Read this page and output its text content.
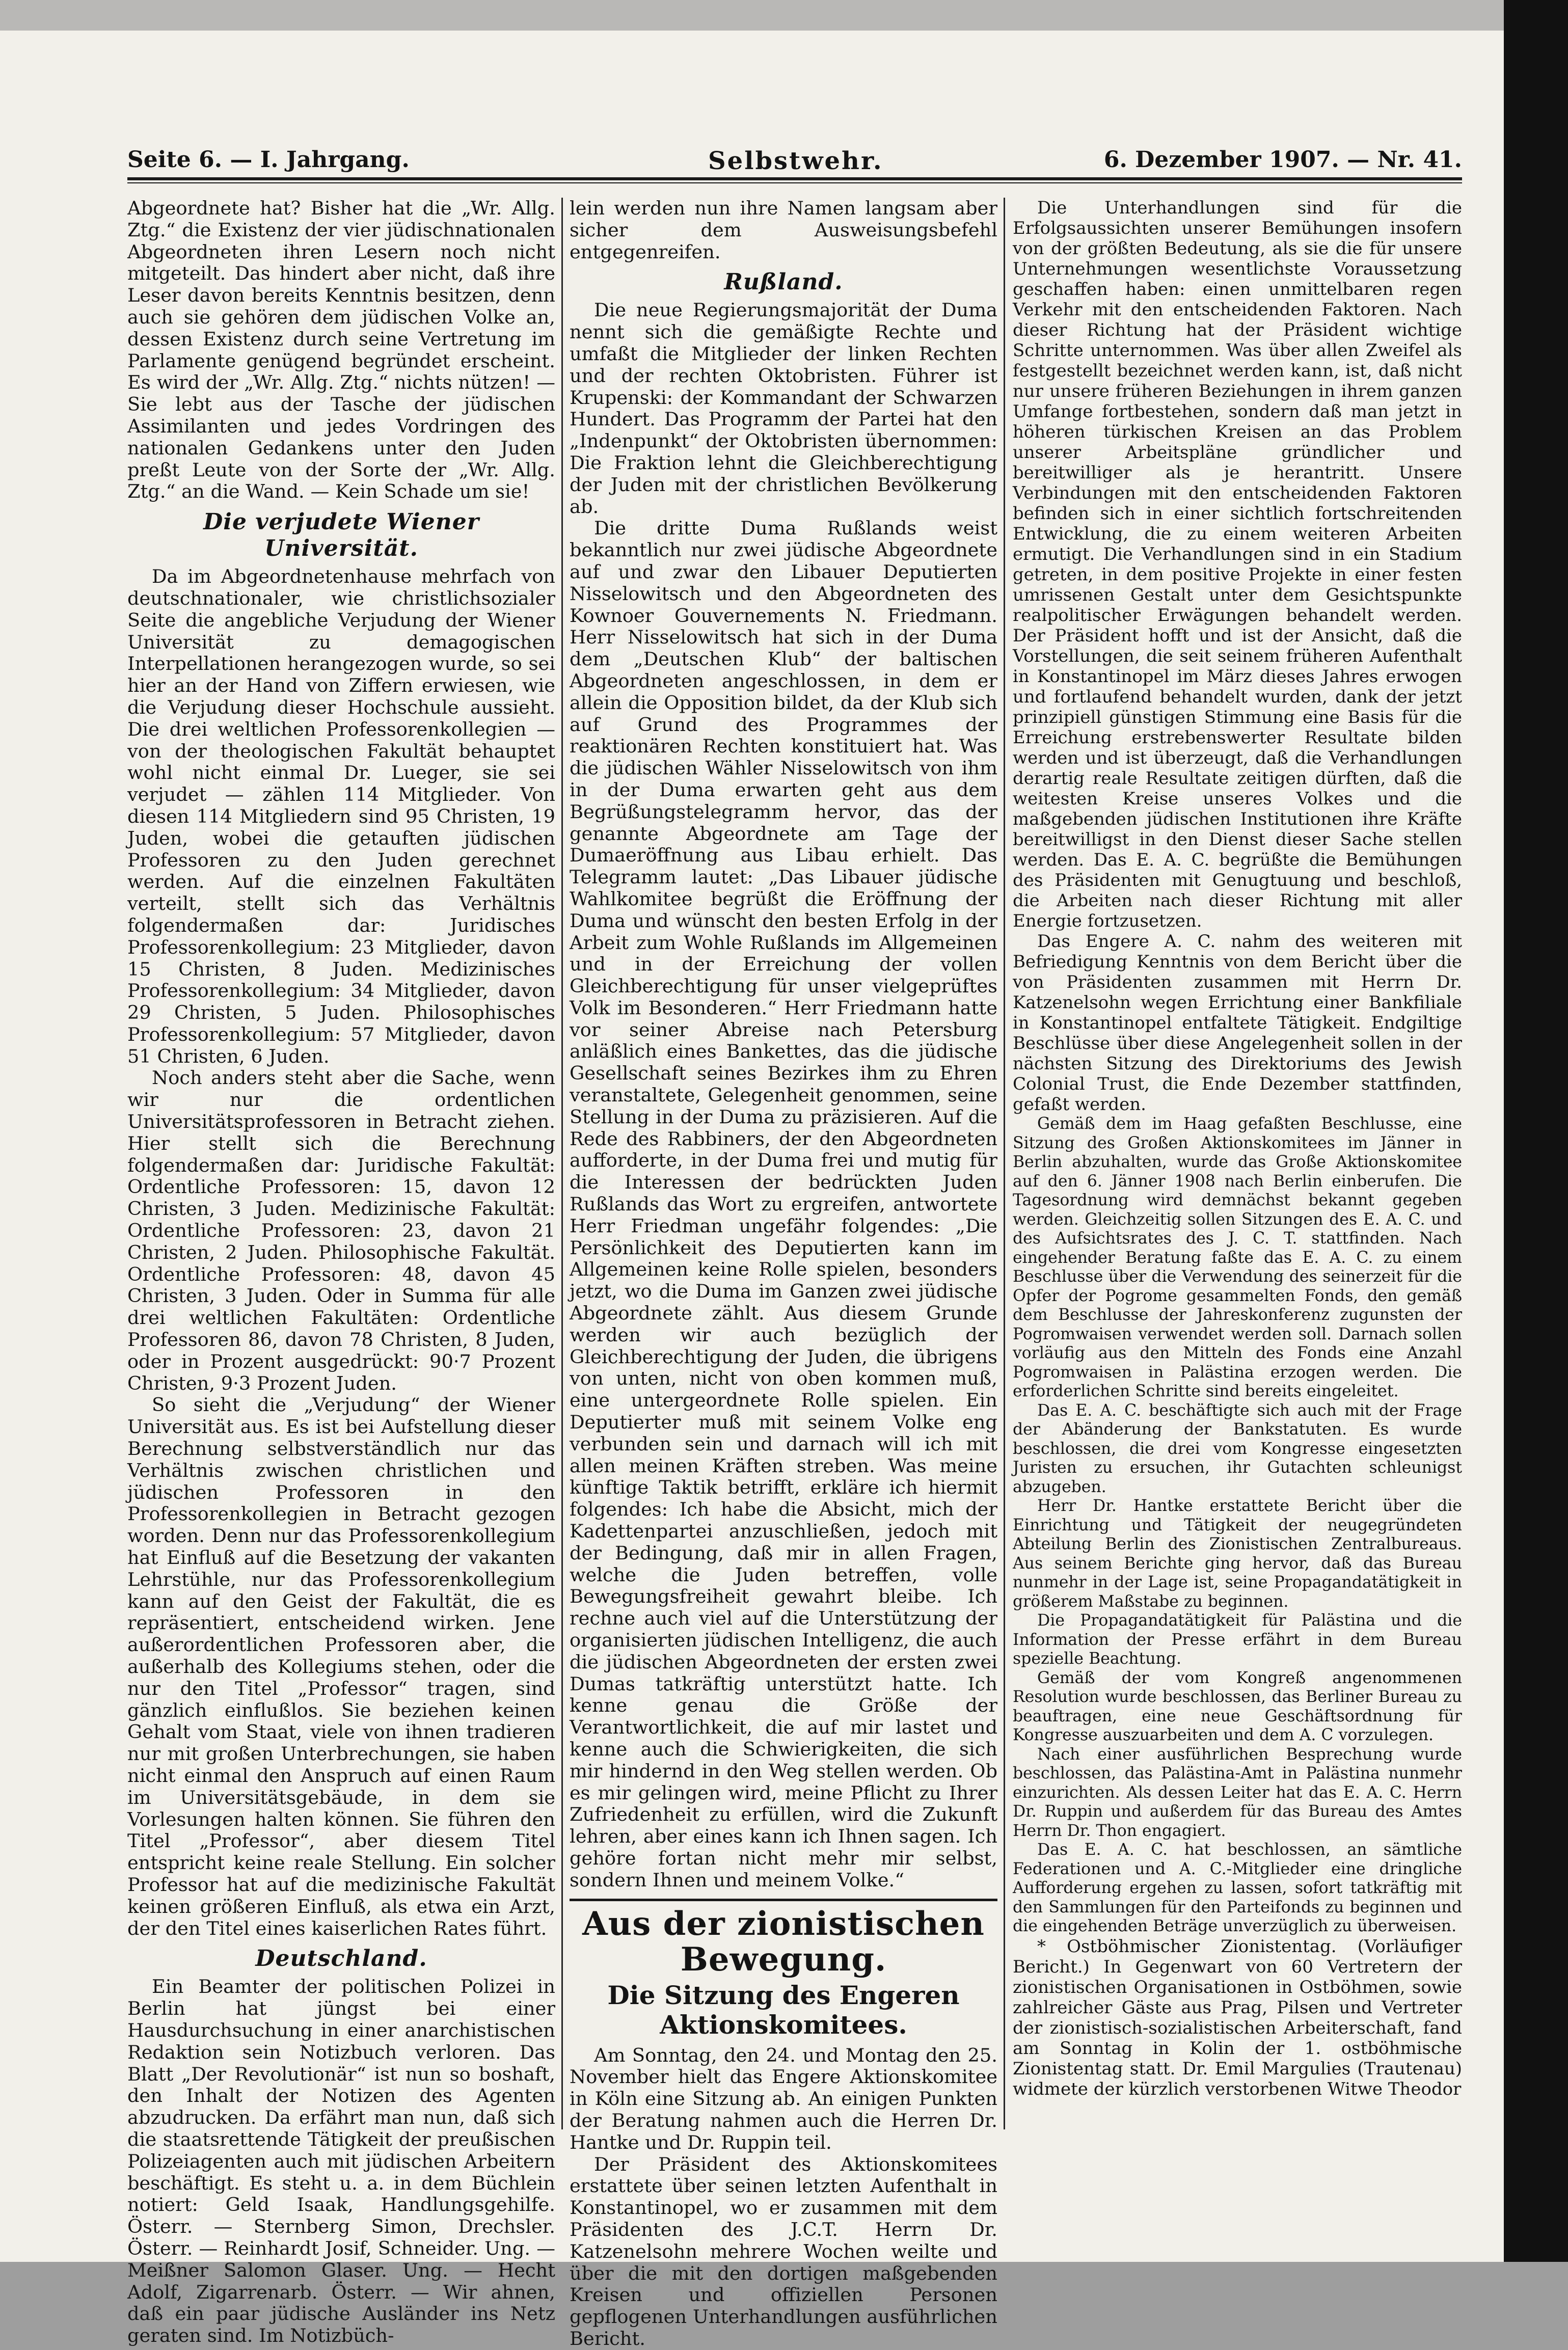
Seite 6. — I. Jahrgang.	Selbstwehr.	6. Dezember 1907. — Nr. 41.

Abgeordnete hat? Bisher hat die „Wr. Allg. Ztg.“ die Existenz der vier jüdischnationalen Abgeordneten ihren Lesern noch nicht mitgeteilt. Das hindert aber nicht, daß ihre Leser davon bereits Kenntnis besitzen, denn auch sie gehören dem jüdischen Volke an, dessen Existenz durch seine Vertretung im Parlamente genügend begründet erscheint. Es wird der „Wr. Allg. Ztg.“ nichts nützen! — Sie lebt aus der Tasche der jüdischen Assimilanten und jedes Vordringen des nationalen Gedankens unter den Juden preßt Leute von der Sorte der „Wr. Allg. Ztg.“ an die Wand. — Kein Schade um sie!

Die verjudete Wiener Universität.

Da im Abgeordnetenhause mehrfach von deutschnationaler, wie christlichsozialer Seite die angebliche Verjudung der Wiener Universität zu demagogischen Interpellationen herangezogen wurde, so sei hier an der Hand von Ziffern erwiesen, wie die Verjudung dieser Hochschule aussieht. Die drei weltlichen Professorenkollegien — von der theologischen Fakultät behauptet wohl nicht einmal Dr. Lueger, sie sei verjudet — zählen 114 Mitglieder. Von diesen 114 Mitgliedern sind 95 Christen, 19 Juden, wobei die getauften jüdischen Professoren zu den Juden gerechnet werden. Auf die einzelnen Fakultäten verteilt, stellt sich das Verhältnis folgendermaßen dar: Juridisches Professorenkollegium: 23 Mitglieder, davon 15 Christen, 8 Juden. Medizinisches Professorenkollegium: 34 Mitglieder, davon 29 Christen, 5 Juden. Philosophisches Professorenkollegium: 57 Mitglieder, davon 51 Christen, 6 Juden.

Noch anders steht aber die Sache, wenn wir nur die ordentlichen Universitätsprofessoren in Betracht ziehen. Hier stellt sich die Berechnung folgendermaßen dar: Juridische Fakultät: Ordentliche Professoren: 15, davon 12 Christen, 3 Juden. Medizinische Fakultät: Ordentliche Professoren: 23, davon 21 Christen, 2 Juden. Philosophische Fakultät. Ordentliche Professoren: 48, davon 45 Christen, 3 Juden. Oder in Summa für alle drei weltlichen Fakultäten: Ordentliche Professoren 86, davon 78 Christen, 8 Juden, oder in Prozent ausgedrückt: 90·7 Prozent Christen, 9·3 Prozent Juden.

So sieht die „Verjudung“ der Wiener Universität aus. Es ist bei Aufstellung dieser Berechnung selbstverständlich nur das Verhältnis zwischen christlichen und jüdischen Professoren in den Professorenkollegien in Betracht gezogen worden. Denn nur das Professorenkollegium hat Einfluß auf die Besetzung der vakanten Lehrstühle, nur das Professorenkollegium kann auf den Geist der Fakultät, die es repräsentiert, entscheidend wirken. Jene außerordentlichen Professoren aber, die außerhalb des Kollegiums stehen, oder die nur den Titel „Professor“ tragen, sind gänzlich einflußlos. Sie beziehen keinen Gehalt vom Staat, viele von ihnen tradieren nur mit großen Unterbrechungen, sie haben nicht einmal den Anspruch auf einen Raum im Universitätsgebäude, in dem sie Vorlesungen halten können. Sie führen den Titel „Professor“, aber diesem Titel entspricht keine reale Stellung. Ein solcher Professor hat auf die medizinische Fakultät keinen größeren Einfluß, als etwa ein Arzt, der den Titel eines kaiserlichen Rates führt.

Deutschland.

Ein Beamter der politischen Polizei in Berlin hat jüngst bei einer Hausdurchsuchung in einer anarchistischen Redaktion sein Notizbuch verloren. Das Blatt „Der Revolutionär“ ist nun so boshaft, den Inhalt der Notizen des Agenten abzudrucken. Da erfährt man nun, daß sich die staatsrettende Tätigkeit der preußischen Polizeiagenten auch mit jüdischen Arbeitern beschäftigt. Es steht u. a. in dem Büchlein notiert: Geld Isaak, Handlungsgehilfe. Österr. — Sternberg Simon, Drechsler. Österr. — Reinhardt Josif, Schneider. Ung. — Meißner Salomon Glaser. Ung. — Hecht Adolf, Zigarrenarb. Österr. — Wir ahnen, daß ein paar jüdische Ausländer ins Netz geraten sind. Im Notizbüch-

lein werden nun ihre Namen langsam aber sicher dem Ausweisungsbefehl entgegenreifen.

Rußland.

Die neue Regierungsmajorität der Duma nennt sich die gemäßigte Rechte und umfaßt die Mitglieder der linken Rechten und der rechten Oktobristen. Führer ist Krupenski: der Kommandant der Schwarzen Hundert. Das Programm der Partei hat den „Indenpunkt“ der Oktobristen übernommen: Die Fraktion lehnt die Gleichberechtigung der Juden mit der christlichen Bevölkerung ab.

Die dritte Duma Rußlands weist bekanntlich nur zwei jüdische Abgeordnete auf und zwar den Libauer Deputierten Nisselowitsch und den Abgeordneten des Kownoer Gouvernements N. Friedmann. Herr Nisselowitsch hat sich in der Duma dem „Deutschen Klub“ der baltischen Abgeordneten angeschlossen, in dem er allein die Opposition bildet, da der Klub sich auf Grund des Programmes der reaktionären Rechten konstituiert hat. Was die jüdischen Wähler Nisselowitsch von ihm in der Duma erwarten geht aus dem Begrüßungstelegramm hervor, das der genannte Abgeordnete am Tage der Dumaeröffnung aus Libau erhielt. Das Telegramm lautet: „Das Libauer jüdische Wahlkomitee begrüßt die Eröffnung der Duma und wünscht den besten Erfolg in der Arbeit zum Wohle Rußlands im Allgemeinen und in der Erreichung der vollen Gleichberechtigung für unser vielgeprüftes Volk im Besonderen.“ Herr Friedmann hatte vor seiner Abreise nach Petersburg anläßlich eines Bankettes, das die jüdische Gesellschaft seines Bezirkes ihm zu Ehren veranstaltete, Gelegenheit genommen, seine Stellung in der Duma zu präzisieren. Auf die Rede des Rabbiners, der den Abgeordneten aufforderte, in der Duma frei und mutig für die Interessen der bedrückten Juden Rußlands das Wort zu ergreifen, antwortete Herr Friedman ungefähr folgendes: „Die Persönlichkeit des Deputierten kann im Allgemeinen keine Rolle spielen, besonders jetzt, wo die Duma im Ganzen zwei jüdische Abgeordnete zählt. Aus diesem Grunde werden wir auch bezüglich der Gleichberechtigung der Juden, die übrigens von unten, nicht von oben kommen muß, eine untergeordnete Rolle spielen. Ein Deputierter muß mit seinem Volke eng verbunden sein und darnach will ich mit allen meinen Kräften streben. Was meine künftige Taktik betrifft, erkläre ich hiermit folgendes: Ich habe die Absicht, mich der Kadettenpartei anzuschließen, jedoch mit der Bedingung, daß mir in allen Fragen, welche die Juden betreffen, volle Bewegungsfreiheit gewahrt bleibe. Ich rechne auch viel auf die Unterstützung der organisierten jüdischen Intelligenz, die auch die jüdischen Abgeordneten der ersten zwei Dumas tatkräftig unterstützt hatte. Ich kenne genau die Größe der Verantwortlichkeit, die auf mir lastet und kenne auch die Schwierigkeiten, die sich mir hindernd in den Weg stellen werden. Ob es mir gelingen wird, meine Pflicht zu Ihrer Zufriedenheit zu erfüllen, wird die Zukunft lehren, aber eines kann ich Ihnen sagen. Ich gehöre fortan nicht mehr mir selbst, sondern Ihnen und meinem Volke.“

Aus der zionistischen Bewegung.
Die Sitzung des Engeren Aktionskomitees.

Am Sonntag, den 24. und Montag den 25. November hielt das Engere Aktionskomitee in Köln eine Sitzung ab. An einigen Punkten der Beratung nahmen auch die Herren Dr. Hantke und Dr. Ruppin teil.

Der Präsident des Aktionskomitees erstattete über seinen letzten Aufenthalt in Konstantinopel, wo er zusammen mit dem Präsidenten des J.C.T. Herrn Dr. Katzenelsohn mehrere Wochen weilte und über die mit den dortigen maßgebenden Kreisen und offiziellen Personen gepflogenen Unterhandlungen ausführlichen Bericht.

Die Unterhandlungen sind für die Erfolgsaussichten unserer Bemühungen insofern von der größten Bedeutung, als sie die für unsere Unternehmungen wesentlichste Voraussetzung geschaffen haben: einen unmittelbaren regen Verkehr mit den entscheidenden Faktoren. Nach dieser Richtung hat der Präsident wichtige Schritte unternommen. Was über allen Zweifel als festgestellt bezeichnet werden kann, ist, daß nicht nur unsere früheren Beziehungen in ihrem ganzen Umfange fortbestehen, sondern daß man jetzt in höheren türkischen Kreisen an das Problem unserer Arbeitspläne gründlicher und bereitwilliger als je herantritt. Unsere Verbindungen mit den entscheidenden Faktoren befinden sich in einer sichtlich fortschreitenden Entwicklung, die zu einem weiteren Arbeiten ermutigt. Die Verhandlungen sind in ein Stadium getreten, in dem positive Projekte in einer festen umrissenen Gestalt unter dem Gesichtspunkte realpolitischer Erwägungen behandelt werden. Der Präsident hofft und ist der Ansicht, daß die Vorstellungen, die seit seinem früheren Aufenthalt in Konstantinopel im März dieses Jahres erwogen und fortlaufend behandelt wurden, dank der jetzt prinzipiell günstigen Stimmung eine Basis für die Erreichung erstrebenswerter Resultate bilden werden und ist überzeugt, daß die Verhandlungen derartig reale Resultate zeitigen dürften, daß die weitesten Kreise unseres Volkes und die maßgebenden jüdischen Institutionen ihre Kräfte bereitwilligst in den Dienst dieser Sache stellen werden. Das E. A. C. begrüßte die Bemühungen des Präsidenten mit Genugtuung und beschloß, die Arbeiten nach dieser Richtung mit aller Energie fortzusetzen.

Das Engere A. C. nahm des weiteren mit Befriedigung Kenntnis von dem Bericht über die von Präsidenten zusammen mit Herrn Dr. Katzenelsohn wegen Errichtung einer Bankfiliale in Konstantinopel entfaltete Tätigkeit. Endgiltige Beschlüsse über diese Angelegenheit sollen in der nächsten Sitzung des Direktoriums des Jewish Colonial Trust, die Ende Dezember stattfinden, gefaßt werden.

Gemäß dem im Haag gefaßten Beschlusse, eine Sitzung des Großen Aktionskomitees im Jänner in Berlin abzuhalten, wurde das Große Aktionskomitee auf den 6. Jänner 1908 nach Berlin einberufen. Die Tagesordnung wird demnächst bekannt gegeben werden. Gleichzeitig sollen Sitzungen des E. A. C. und des Aufsichtsrates des J. C. T. stattfinden. Nach eingehender Beratung faßte das E. A. C. zu einem Beschlusse über die Verwendung des seinerzeit für die Opfer der Pogrome gesammelten Fonds, den gemäß dem Beschlusse der Jahreskonferenz zugunsten der Pogromwaisen verwendet werden soll. Darnach sollen vorläufig aus den Mitteln des Fonds eine Anzahl Pogromwaisen in Palästina erzogen werden. Die erforderlichen Schritte sind bereits eingeleitet.

Das E. A. C. beschäftigte sich auch mit der Frage der Abänderung der Bankstatuten. Es wurde beschlossen, die drei vom Kongresse eingesetzten Juristen zu ersuchen, ihr Gutachten schleunigst abzugeben.

Herr Dr. Hantke erstattete Bericht über die Einrichtung und Tätigkeit der neugegründeten Abteilung Berlin des Zionistischen Zentralbureaus. Aus seinem Berichte ging hervor, daß das Bureau nunmehr in der Lage ist, seine Propagandatätigkeit in größerem Maßstabe zu beginnen.

Die Propagandatätigkeit für Palästina und die Information der Presse erfährt in dem Bureau spezielle Beachtung.

Gemäß der vom Kongreß angenommenen Resolution wurde beschlossen, das Berliner Bureau zu beauftragen, eine neue Geschäftsordnung für Kongresse auszuarbeiten und dem A. C vorzulegen.

Nach einer ausführlichen Besprechung wurde beschlossen, das Palästina-Amt in Palästina nunmehr einzurichten. Als dessen Leiter hat das E. A. C. Herrn Dr. Ruppin und außerdem für das Bureau des Amtes Herrn Dr. Thon engagiert.

Das E. A. C. hat beschlossen, an sämtliche Federationen und A. C.-Mitglieder eine dringliche Aufforderung ergehen zu lassen, sofort tatkräftig mit den Sammlungen für den Parteifonds zu beginnen und die eingehenden Beträge unverzüglich zu überweisen.

* Ostböhmischer Zionistentag. (Vorläufiger Bericht.) In Gegenwart von 60 Vertretern der zionistischen Organisationen in Ostböhmen, sowie zahlreicher Gäste aus Prag, Pilsen und Vertreter der zionistisch-sozialistischen Arbeiterschaft, fand am Sonntag in Kolin der 1. ostböhmische Zionistentag statt. Dr. Emil Margulies (Trautenau) widmete der kürzlich verstorbenen Witwe Theodor
